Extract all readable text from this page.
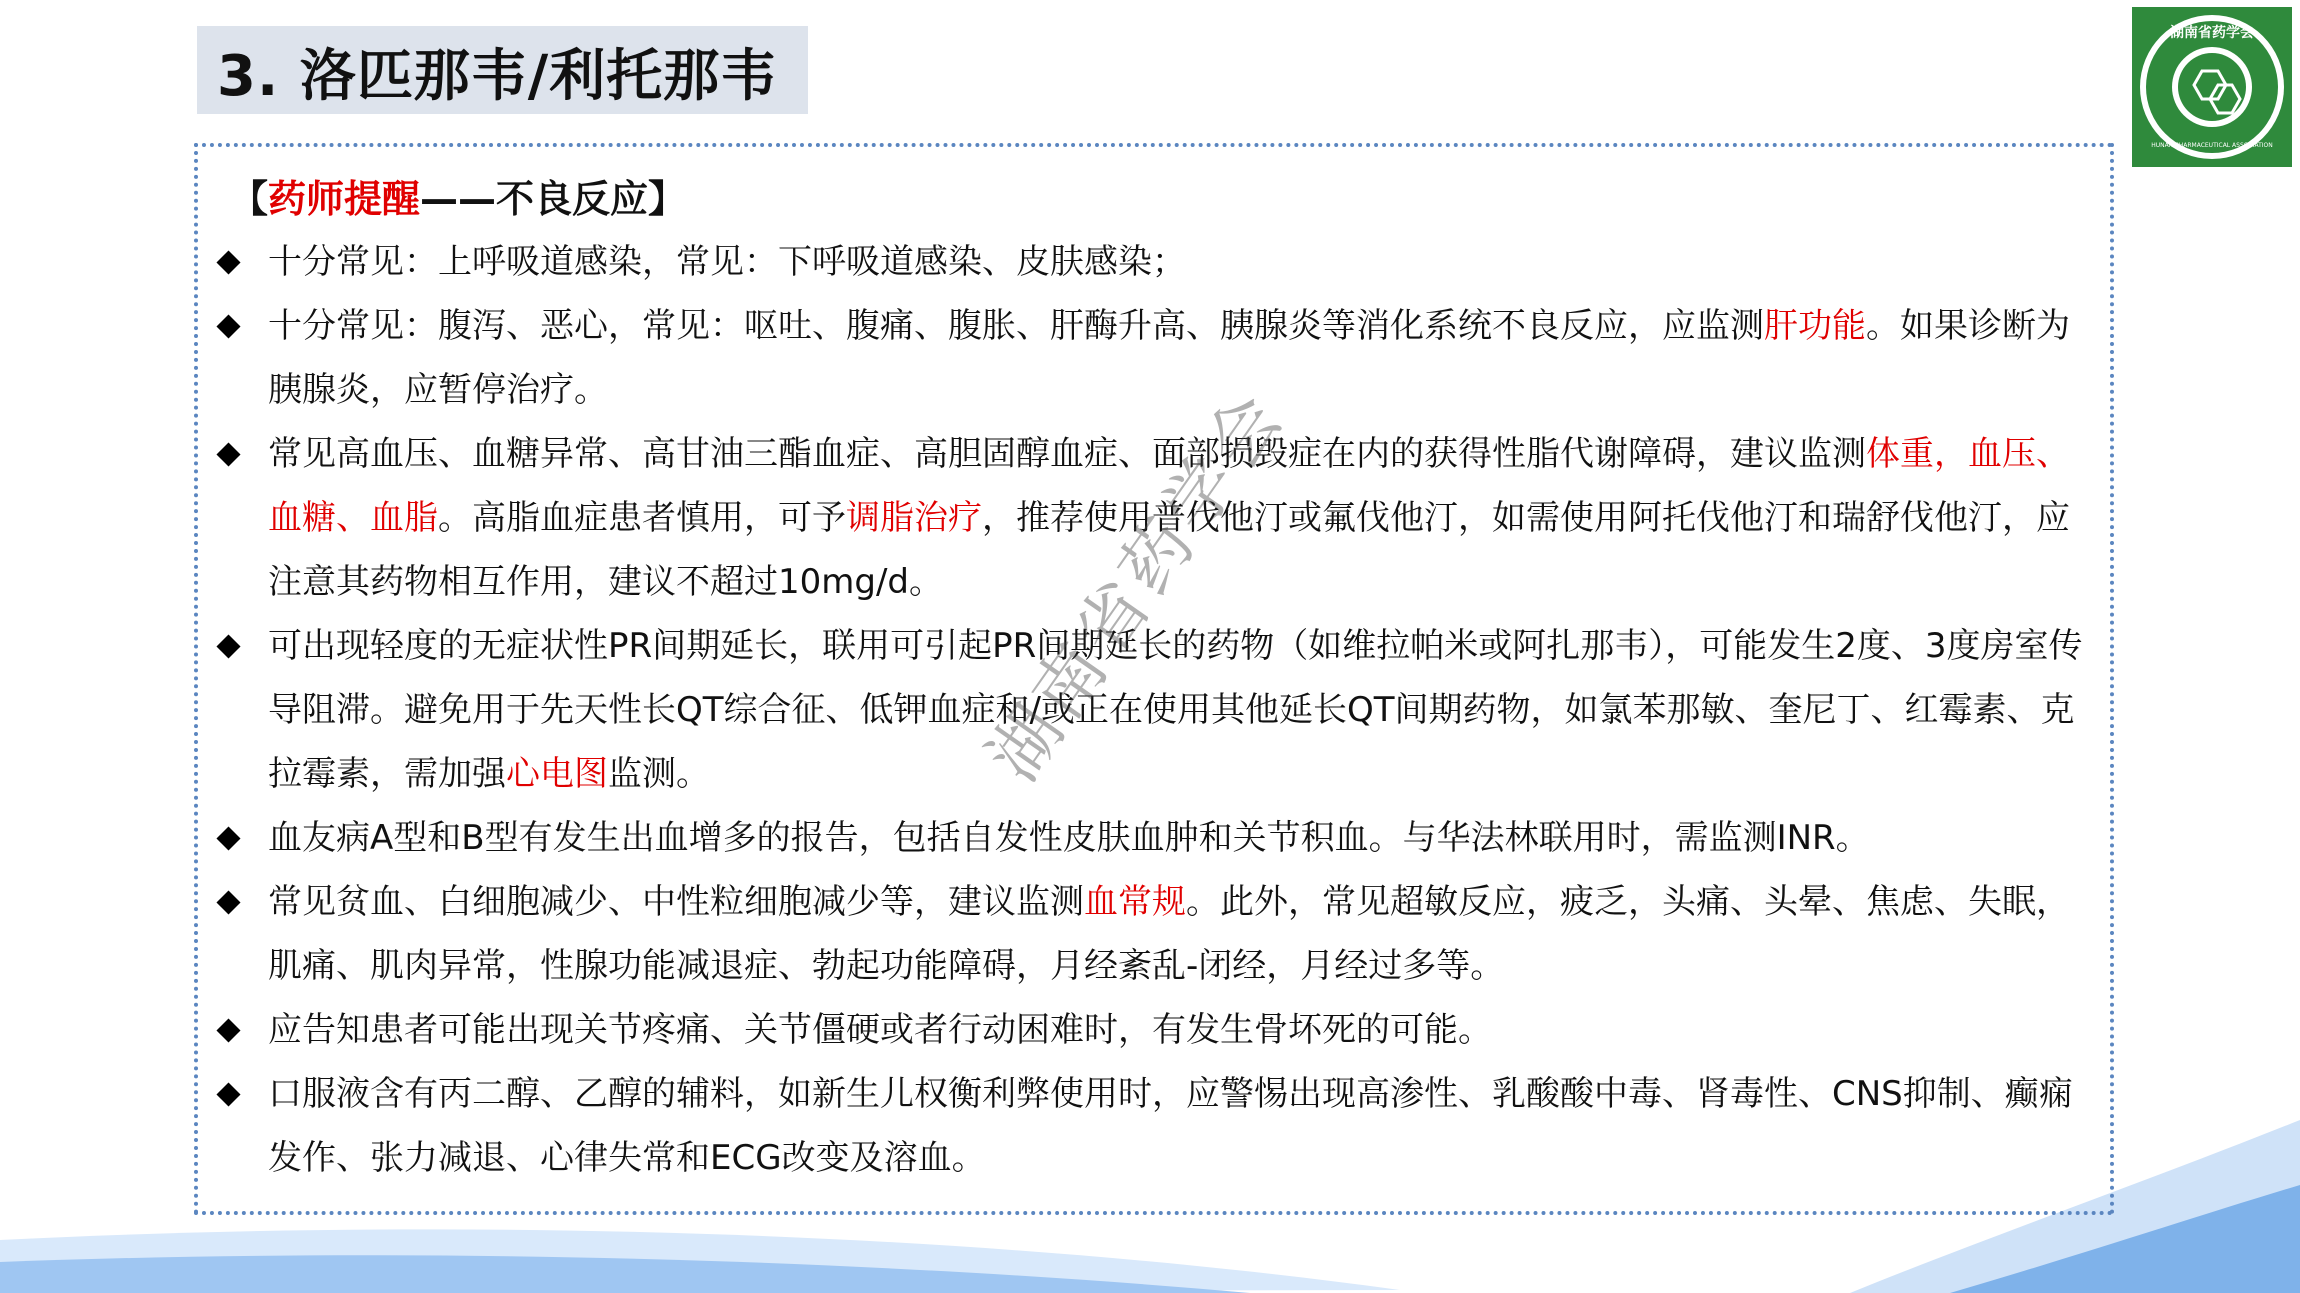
3. 洛匹那韦/利托那韦
湖南省药学会
HUNAN PHARMACEUTICAL ASSOCIATION
【药师提醒——不良反应】
十分常见：上呼吸道感染，常见：下呼吸道感染、皮肤感染；
十分常见：腹泻、恶心，常见：呕吐、腹痛、腹胀、肝酶升高、胰腺炎等消化系统不良反应，应监测肝功能。如果诊断为胰腺炎，应暂停治疗。
常见高血压、血糖异常、高甘油三酯血症、高胆固醇血症、面部损毁症在内的获得性脂代谢障碍，建议监测体重，血压、血糖、血脂。高脂血症患者慎用，可予调脂治疗，推荐使用普伐他汀或氟伐他汀，如需使用阿托伐他汀和瑞舒伐他汀，应注意其药物相互作用，建议不超过10mg/d。
可出现轻度的无症状性PR间期延长，联用可引起PR间期延长的药物（如维拉帕米或阿扎那韦），可能发生2度、3度房室传导阻滞。避免用于先天性长QT综合征、低钾血症和/或正在使用其他延长QT间期药物，如氯苯那敏、奎尼丁、红霉素、克拉霉素，需加强心电图监测。
血友病A型和B型有发生出血增多的报告，包括自发性皮肤血肿和关节积血。与华法林联用时，需监测INR。
常见贫血、白细胞减少、中性粒细胞减少等，建议监测血常规。此外，常见超敏反应，疲乏，头痛、头晕、焦虑、失眠，肌痛、肌肉异常，性腺功能减退症、勃起功能障碍，月经紊乱-闭经，月经过多等。
应告知患者可能出现关节疼痛、关节僵硬或者行动困难时，有发生骨坏死的可能。
口服液含有丙二醇、乙醇的辅料，如新生儿权衡利弊使用时，应警惕出现高渗性、乳酸酸中毒、肾毒性、CNS抑制、癫痫发作、张力减退、心律失常和ECG改变及溶血。
湖南省药学会
